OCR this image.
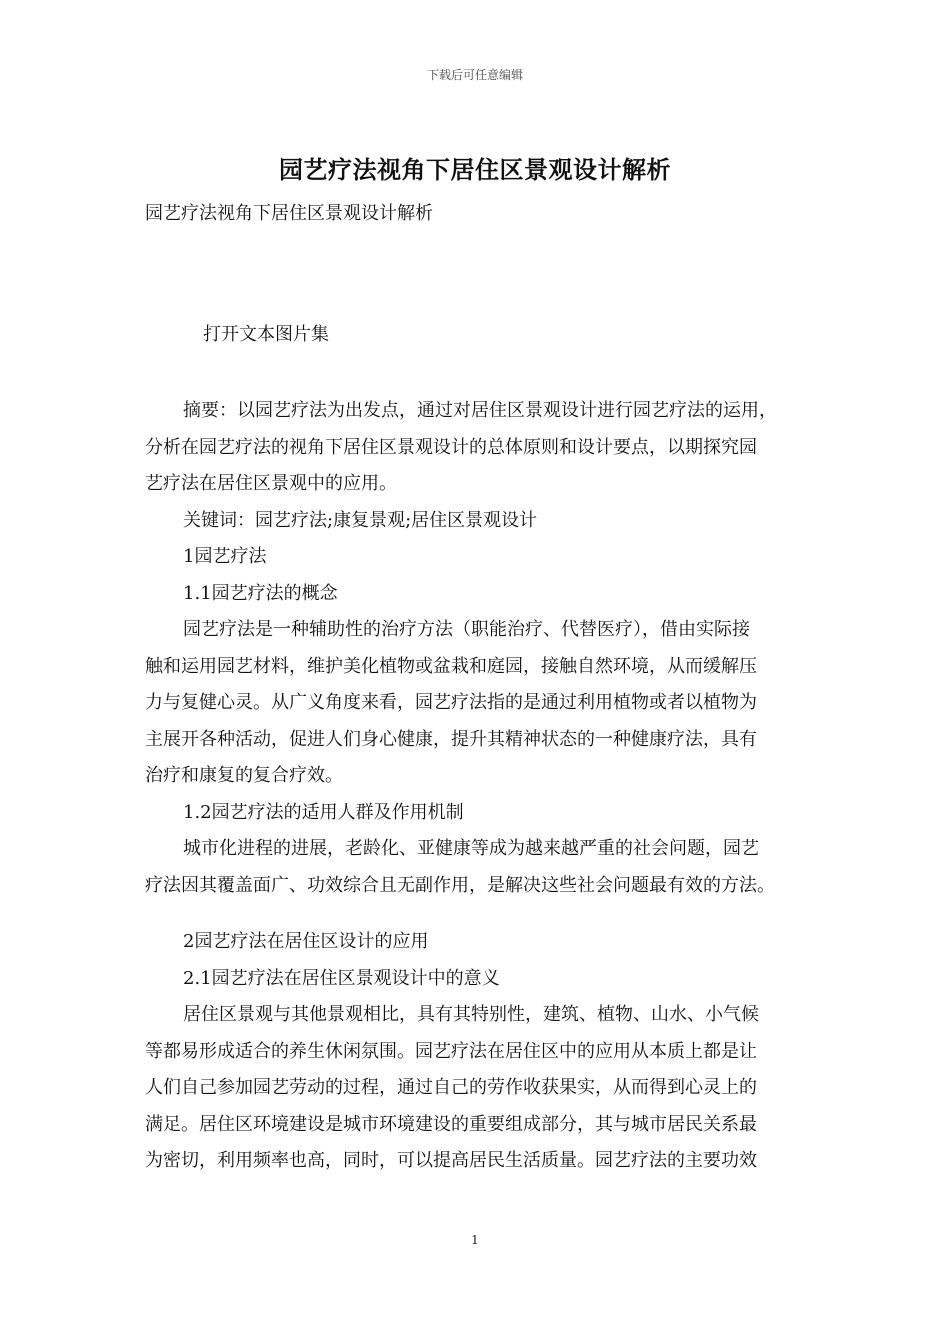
下载后可任意编辑
园艺疗法视角下居住区景观设计解析
园艺疗法视角下居住区景观设计解析
打开文本图片集
摘要：以园艺疗法为出发点，通过对居住区景观设计进行园艺疗法的运用，
分析在园艺疗法的视角下居住区景观设计的总体原则和设计要点，以期探究园
艺疗法在居住区景观中的应用。
关键词：园艺疗法;康复景观;居住区景观设计
1园艺疗法
1.1园艺疗法的概念
园艺疗法是一种辅助性的治疗方法（职能治疗、代替医疗），借由实际接
触和运用园艺材料，维护美化植物或盆栽和庭园，接触自然环境，从而缓解压
力与复健心灵。从广义角度来看，园艺疗法指的是通过利用植物或者以植物为
主展开各种活动，促进人们身心健康，提升其精神状态的一种健康疗法，具有
治疗和康复的复合疗效。
1.2园艺疗法的适用人群及作用机制
城市化进程的进展，老龄化、亚健康等成为越来越严重的社会问题，园艺
疗法因其覆盖面广、功效综合且无副作用，是解决这些社会问题最有效的方法。
2园艺疗法在居住区设计的应用
2.1园艺疗法在居住区景观设计中的意义
居住区景观与其他景观相比，具有其特别性，建筑、植物、山水、小气候
等都易形成适合的养生休闲氛围。园艺疗法在居住区中的应用从本质上都是让
人们自己参加园艺劳动的过程，通过自己的劳作收获果实，从而得到心灵上的
满足。居住区环境建设是城市环境建设的重要组成部分，其与城市居民关系最
为密切，利用频率也高，同时，可以提高居民生活质量。园艺疗法的主要功效
1
